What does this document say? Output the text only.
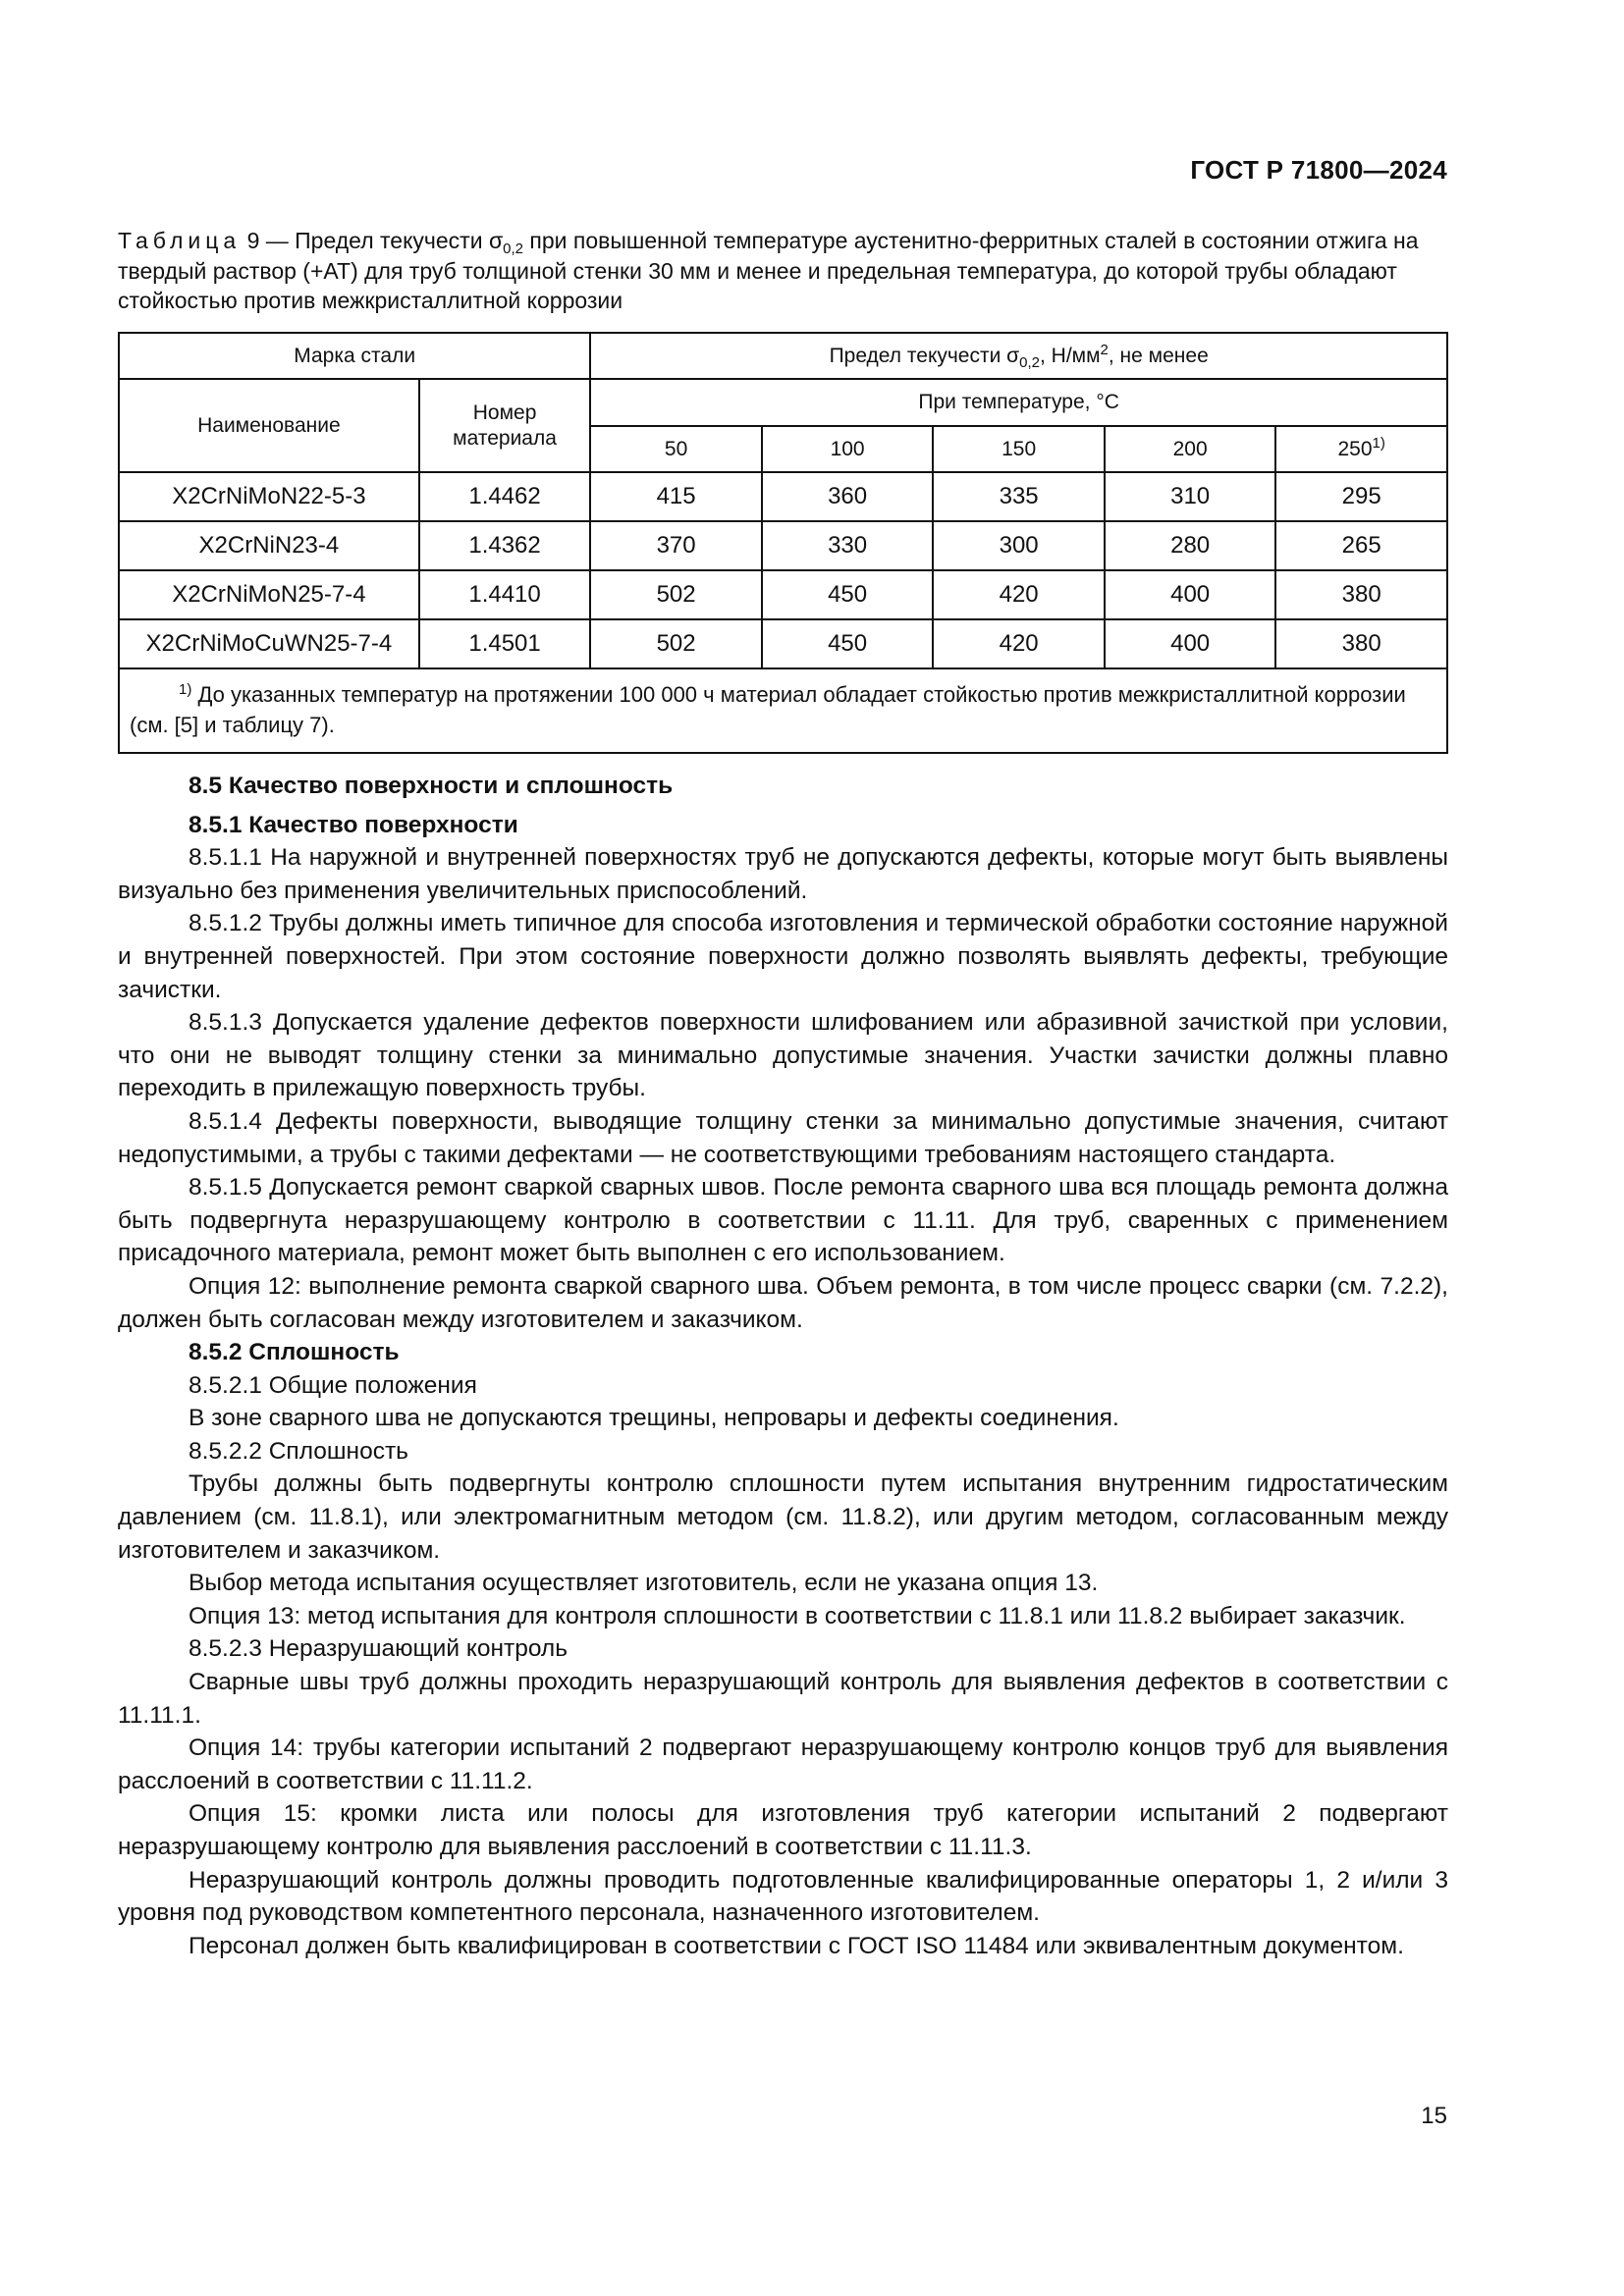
ГОСТ Р 71800—2024
Таблица 9 — Предел текучести $\sigma_{0,2}$ при повышенной температуре аустенитно-ферритных сталей в состоянии отжига на твердый раствор (+AT) для труб толщиной стенки 30 мм и менее и предельная температура, до которой трубы обладают стойкостью против межкристаллитной коррозии
Марка стали		Предел текучести $\sigma_{0,2}$, $Н/мм^2$, не менее				
Наименование	Номер материала	При температуре, °С				
		50	100	150	200	250$^{1)}$
X2CrNiMoN22-5-3	1.4462	415	360	335	310	295
X2CrNiN23-4	1.4362	370	330	300	280	265
X2CrNiMoN25-7-4	1.4410	502	450	420	400	380
X2CrNiMoCuWN25-7-4	1.4501	502	450	420	400	380
$^{1)}$ До указанных температур на протяжении 100 000 ч материал обладает стойкостью против межкристаллитной коррозии (см. [5] и таблицу 7).						

8.5 Качество поверхности и сплошность

8.5.1 Качество поверхности

8.5.1.1 На наружной и внутренней поверхностях труб не допускаются дефекты, которые могут быть выявлены визуально без применения увеличительных приспособлений.

8.5.1.2 Трубы должны иметь типичное для способа изготовления и термической обработки состояние наружной и внутренней поверхностей. При этом состояние поверхности должно позволять выявлять дефекты, требующие зачистки.

8.5.1.3 Допускается удаление дефектов поверхности шлифованием или абразивной зачисткой при условии, что они не выводят толщину стенки за минимально допустимые значения. Участки зачистки должны плавно переходить в прилежащую поверхность трубы.

8.5.1.4 Дефекты поверхности, выводящие толщину стенки за минимально допустимые значения, считают недопустимыми, а трубы с такими дефектами — не соответствующими требованиям настоящего стандарта.

8.5.1.5 Допускается ремонт сваркой сварных швов. После ремонта сварного шва вся площадь ремонта должна быть подвергнута неразрушающему контролю в соответствии с 11.11. Для труб, сваренных с применением присадочного материала, ремонт может быть выполнен с его использованием.

Опция 12: выполнение ремонта сваркой сварного шва. Объем ремонта, в том числе процесс сварки (см. 7.2.2), должен быть согласован между изготовителем и заказчиком.

8.5.2 Сплошность

8.5.2.1 Общие положения

В зоне сварного шва не допускаются трещины, непровары и дефекты соединения.

8.5.2.2 Сплошность

Трубы должны быть подвергнуты контролю сплошности путем испытания внутренним гидростатическим давлением (см. 11.8.1), или электромагнитным методом (см. 11.8.2), или другим методом, согласованным между изготовителем и заказчиком.

Выбор метода испытания осуществляет изготовитель, если не указана опция 13.

Опция 13: метод испытания для контроля сплошности в соответствии с 11.8.1 или 11.8.2 выбирает заказчик.

8.5.2.3 Неразрушающий контроль

Сварные швы труб должны проходить неразрушающий контроль для выявления дефектов в соответствии с 11.11.1.

Опция 14: трубы категории испытаний 2 подвергают неразрушающему контролю концов труб для выявления расслоений в соответствии с 11.11.2.

Опция 15: кромки листа или полосы для изготовления труб категории испытаний 2 подвергают неразрушающему контролю для выявления расслоений в соответствии с 11.11.3.

Неразрушающий контроль должны проводить подготовленные квалифицированные операторы 1, 2 и/или 3 уровня под руководством компетентного персонала, назначенного изготовителем.

Персонал должен быть квалифицирован в соответствии с ГОСТ ISO 11484 или эквивалентным документом.

15
